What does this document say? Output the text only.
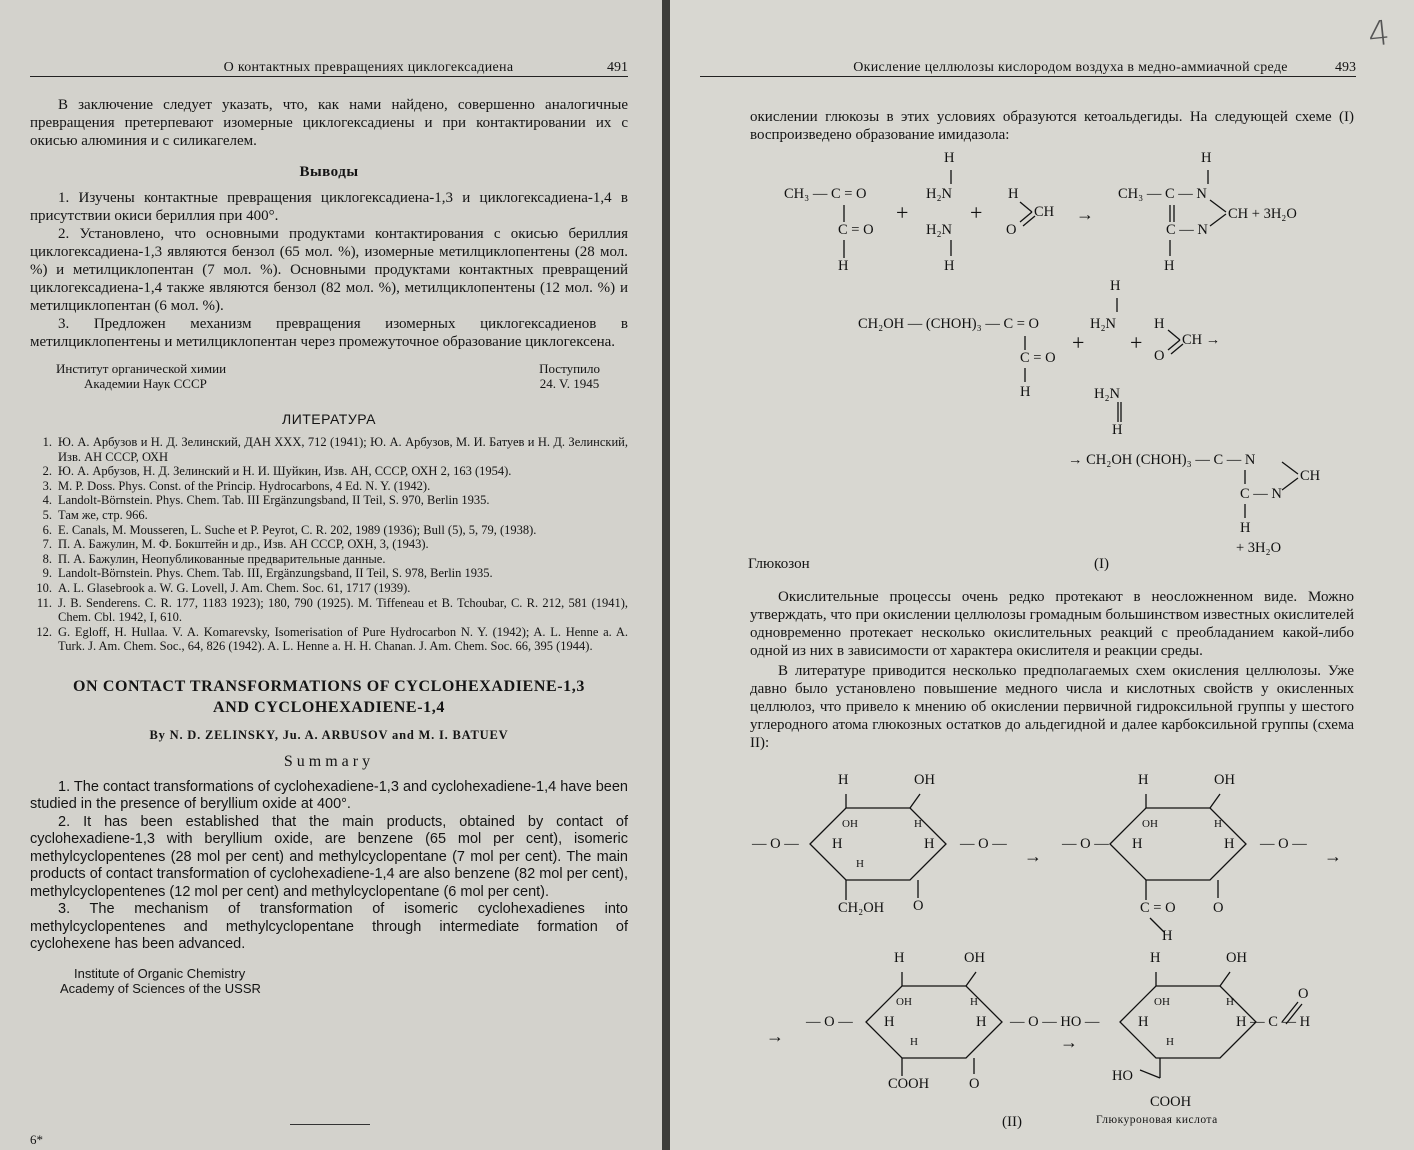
О контактных превращениях циклогексадиена	491

В заключение следует указать, что, как нами найдено, совершенно аналогичные превращения претерпевают изомерные циклогексадиены и при контактировании их с окисью алюминия и с силикагелем.

Выводы

1. Изучены контактные превращения циклогексадиена-1,3 и циклогексадиена-1,4 в присутствии окиси бериллия при 400°.

2. Установлено, что основными продуктами контактирования с окисью бериллия циклогексадиена-1,3 являются бензол (65 мол. %), изомерные метилциклопентены (28 мол. %) и метилциклопентан (7 мол. %). Основными продуктами контактных превращений циклогексадиена-1,4 также являются бензол (82 мол. %), метилциклопентены (12 мол. %) и метилциклопентан (6 мол. %).

3. Предложен механизм превращения изомерных циклогексадиенов в метилциклопентены и метилциклопентан через промежуточное образование циклогексена.

Институт органической химии
Академии Наук СССР
Поступило
24. V. 1945
ЛИТЕРАТУРА
1. Ю. А. Арбузов и Н. Д. Зелинский, ДАН XXX, 712 (1941); Ю. А. Арбузов, М. И. Батуев и Н. Д. Зелинский, Изв. АН СССР, ОХН
2. Ю. А. Арбузов, Н. Д. Зелинский и Н. И. Шуйкин, Изв. АН, СССР, ОХН 2, 163 (1954).
3. M. P. Doss. Phys. Const. of the Princip. Hydrocarbons, 4 Ed. N. Y. (1942).
4. Landolt-Börnstein. Phys. Chem. Tab. III Ergänzungsband, II Teil, S. 970, Berlin 1935.
5. Там же, стр. 966.
6. E. Canals, M. Mousseren, L. Suche et P. Peyrot, C. R. 202, 1989 (1936); Bull (5), 5, 79, (1938).
7. П. А. Бажулин, М. Ф. Бокштейн и др., Изв. АН СССР, ОХН, 3, (1943).
8. П. А. Бажулин, Неопубликованные предварительные данные.
9. Landolt-Börnstein. Phys. Chem. Tab. III, Ergänzungsband, II Teil, S. 978, Berlin 1935.
10. A. L. Glasebrook a. W. G. Lovell, J. Am. Chem. Soc. 61, 1717 (1939).
11. J. B. Senderens. C. R. 177, 1183 1923); 180, 790 (1925). M. Tiffeneau et B. Tchoubar, C. R. 212, 581 (1941), Chem. Cbl. 1942, I, 610.
12. G. Egloff, H. Hullaa. V. A. Komarevsky, Isomerisation of Pure Hydrocarbon N. Y. (1942); A. L. Henne a. A. Turk. J. Am. Chem. Soc., 64, 826 (1942). A. L. Henne a. H. H. Chanan. J. Am. Chem. Soc. 66, 395 (1944).
ON CONTACT TRANSFORMATIONS OF CYCLOHEXADIENE-1,3
AND CYCLOHEXADIENE-1,4
By N. D. ZELINSKY, Ju. A. ARBUSOV and M. I. BATUEV
Summary

1. The contact transformations of cyclohexadiene-1,3 and cyclohexadiene-1,4 have been studied in the presence of beryllium oxide at 400°.

2. It has been established that the main products, obtained by contact of cyclohexadiene-1,3 with beryllium oxide, are benzene (65 mol per cent), isomeric methylcyclopentenes (28 mol per cent) and methylcyclopentane (7 mol per cent). The main products of contact transformation of cyclohexadiene-1,4 are also benzene (82 mol per cent), methylcyclopentenes (12 mol per cent) and methylcyclopentane (6 mol per cent).

3. The mechanism of transformation of isomeric cyclohexadienes into methylcyclopentenes and methylcyclopentane through intermediate formation of cyclohexene has been advanced.

Institute of Organic Chemistry
Academy of Sciences of the USSR
6*
4
Окисление целлюлозы кислородом воздуха в медно-аммиачной среде	493

окислении глюкозы в этих условиях образуются кетоальдегиды. На следующей схеме (I) воспроизведено образование имидазола:

H	H
CH₃ — C = O
+
H₂N
+
H
CH →
O
CH₃ — C — N
CH + 3H₂O
C = O	H₂N	C — N
H	H	H
H
CH₂OH — (CHOH)₃ — C = O	H₂N	H
+ +	CH →
C = O	O
H	H₂N
H
→ CH₂OH (CHOH)₃ — C — N
CH
C — N
H
+ 3H₂O
Глюкозон	(I)

Окислительные процессы очень редко протекают в неосложненном виде. Можно утверждать, что при окислении целлюлозы громадным большинством известных окислителей одновременно протекает несколько окислительных реакций с преобладанием какой-либо одной из них в зависимости от характера окислителя и реакции среды.

В литературе приводится несколько предполагаемых схем окисления целлюлозы. Уже давно было установлено повышение медного числа и кислотных свойств у окисленных целлюлоз, что привело к мнению об окислении первичной гидроксильной группы у шестого углеродного атома глюкозных остатков до альдегидной и далее карбоксильной группы (схема II):

H	OH
OH	H
— O — H	H — O —
H
CH₂OH O
→
H	OH
OH	H
— O — H	H — O —
→
C = O	O
H
H	OH
OH	H
→
— O — H	H — O — HO —
→
H
COOH	O
H	OH
OH	H
H	H — C — H
O
H
HO
COOH
(II)	Глюкуроновая кислота
